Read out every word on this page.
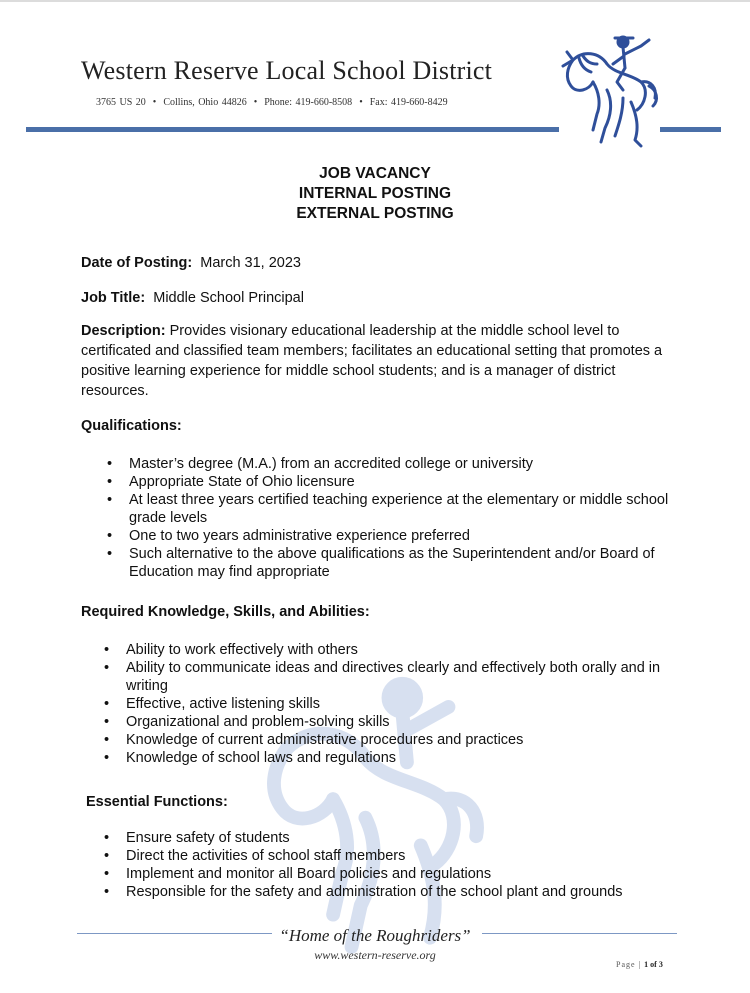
Western Reserve Local School District
3765 US 20 • Collins, Ohio 44826 • Phone: 419-660-8508 • Fax: 419-660-8429
JOB VACANCY
INTERNAL POSTING
EXTERNAL POSTING
Date of Posting: March 31, 2023
Job Title: Middle School Principal
Description: Provides visionary educational leadership at the middle school level to certificated and classified team members; facilitates an educational setting that promotes a positive learning experience for middle school students; and is a manager of district resources.
Qualifications:
• Master’s degree (M.A.) from an accredited college or university
• Appropriate State of Ohio licensure
• At least three years certified teaching experience at the elementary or middle school grade levels
• One to two years administrative experience preferred
• Such alternative to the above qualifications as the Superintendent and/or Board of Education may find appropriate
Required Knowledge, Skills, and Abilities:
• Ability to work effectively with others
• Ability to communicate ideas and directives clearly and effectively both orally and in writing
• Effective, active listening skills
• Organizational and problem-solving skills
• Knowledge of current administrative procedures and practices
• Knowledge of school laws and regulations
Essential Functions:
• Ensure safety of students
• Direct the activities of school staff members
• Implement and monitor all Board policies and regulations
• Responsible for the safety and administration of the school plant and grounds
“Home of the Roughriders”
www.western-reserve.org
Page | 1 of 3
